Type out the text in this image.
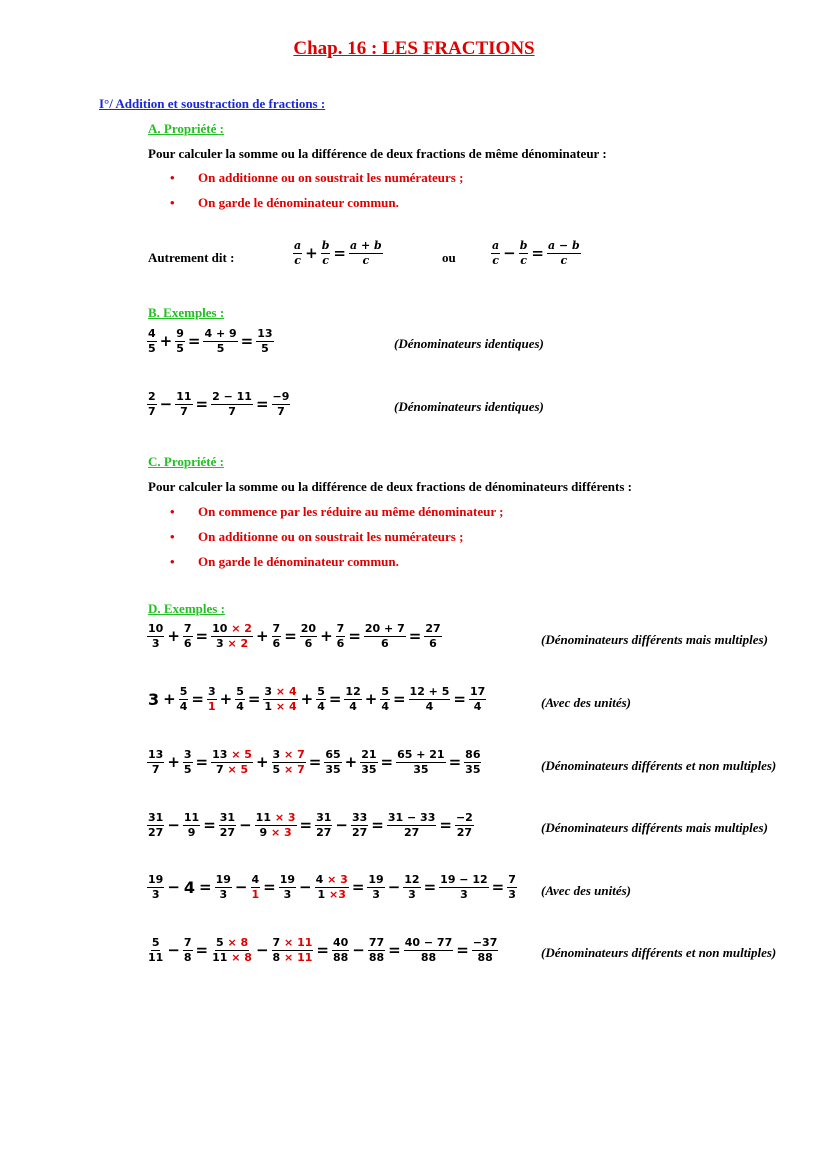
Chap. 16 : LES FRACTIONS
I°/ Addition et soustraction de fractions :
A. Propriété :
Pour calculer la somme ou la différence de deux fractions de même dénominateur :
• On additionne ou on soustrait les numérateurs ;
• On garde le dénominateur commun.
Autrement dit :
a
$c + \frac{b}{c} = \frac{a + b}{c}$	ou
a
$c - \frac{b}{c} = \frac{a - b}{c}$
B. Exemples :
4
$5 + \frac{9}{5} = \frac{4 + 9}{5} = \frac{13}{5}$	(Dénominateurs identiques)
2
$7 - \frac{11}{7} = \frac{2 - 11}{7} = \frac{-9}{7}$	(Dénominateurs identiques)
C. Propriété :
Pour calculer la somme ou la différence de deux fractions de dénominateurs différents :
• On commence par les réduire au même dénominateur ;
• On additionne ou on soustrait les numérateurs ;
• On garde le dénominateur commun.
D. Exemples :
10
$3 + \frac{7}{6} = \frac{10 \times 2}{3 \times 2} + \frac{7}{6} = \frac{20}{6} + \frac{7}{6} = \frac{20 + 7}{6} = \frac{27}{6}$	(Dénominateurs différents mais multiples)
$3 + \frac{5}{4} = \frac{3}{1} + \frac{5}{4} = \frac{3 \times 4}{1 \times 4} + \frac{5}{4} = \frac{12}{4} + \frac{5}{4} = \frac{12 + 5}{4} = \frac{17}{4}$	(Avec des unités)
13
$7 + \frac{3}{5} = \frac{13 \times 5}{7 \times 5} + \frac{3 \times 7}{5 \times 7} = \frac{65}{35} + \frac{21}{35} = \frac{65 + 21}{35} = \frac{86}{35}$	(Dénominateurs différents et non multiples)
31
$27 - \frac{11}{9} = \frac{31}{27} - \frac{11 \times 3}{9 \times 3} = \frac{31}{27} - \frac{33}{27} = \frac{31 - 33}{27} = \frac{-2}{27}$	(Dénominateurs différents mais multiples)
19
$3 - 4 = \frac{19}{3} - \frac{4}{1} = \frac{19}{3} - \frac{4 \times 3}{1 \times 3} = \frac{19}{3} - \frac{12}{3} = \frac{19 - 12}{3} = \frac{7}{3}$ (Avec des unités)
5
$11 - \frac{7}{8} = \frac{5 \times 8}{11 \times 8} - \frac{7 \times 11}{8 \times 11} = \frac{40}{88} - \frac{77}{88} = \frac{40 - 77}{88} = \frac{-37}{88}$	(Dénominateurs différents et non multiples)
